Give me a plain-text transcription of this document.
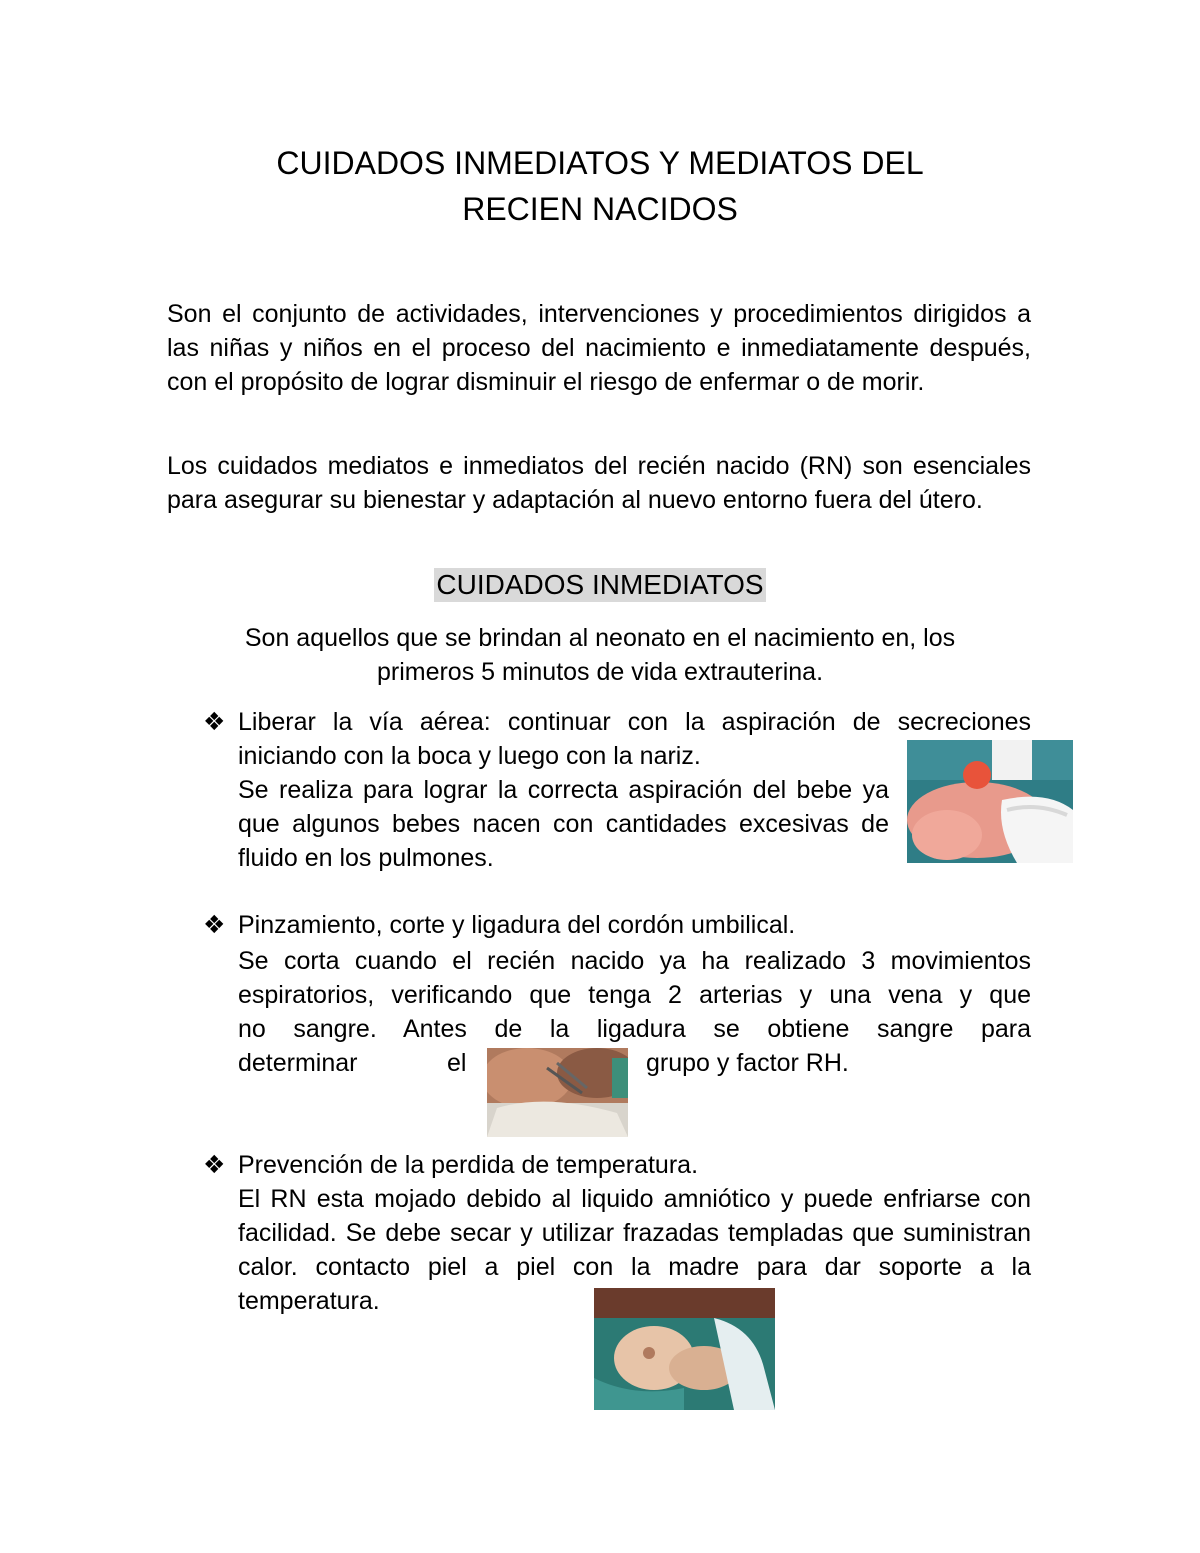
CUIDADOS INMEDIATOS Y MEDIATOS DEL
RECIEN NACIDOS
Son el conjunto de actividades, intervenciones y procedimientos dirigidos a las niñas y niños en el proceso del nacimiento e inmediatamente después, con el propósito de lograr disminuir el riesgo de enfermar o de morir.
Los cuidados mediatos e inmediatos del recién nacido (RN) son esenciales para asegurar su bienestar y adaptación al nuevo entorno fuera del útero.
CUIDADOS INMEDIATOS
Son aquellos que se brindan al neonato en el nacimiento en, los
primeros 5 minutos de vida extrauterina.
❖ Liberar la vía aérea: continuar con la aspiración de secreciones
iniciando con la boca y luego con la nariz.
Se realiza para lograr la correcta aspiración del bebe ya que algunos bebes nacen con cantidades excesivas de fluido en los pulmones.
❖ Pinzamiento, corte y ligadura del cordón umbilical.
Se corta cuando el recién nacido ya ha realizado 3 movimientos
espiratorios, verificando que tenga 2 arterias y una vena y que
no sangre. Antes de la ligadura se obtiene sangre para
determinar	el	grupo y factor RH.
❖ Prevención de la perdida de temperatura.
El RN esta mojado debido al liquido amniótico y puede enfriarse con facilidad. Se debe secar y utilizar frazadas templadas que suministran calor. contacto piel a piel con la madre para dar soporte a la temperatura.
